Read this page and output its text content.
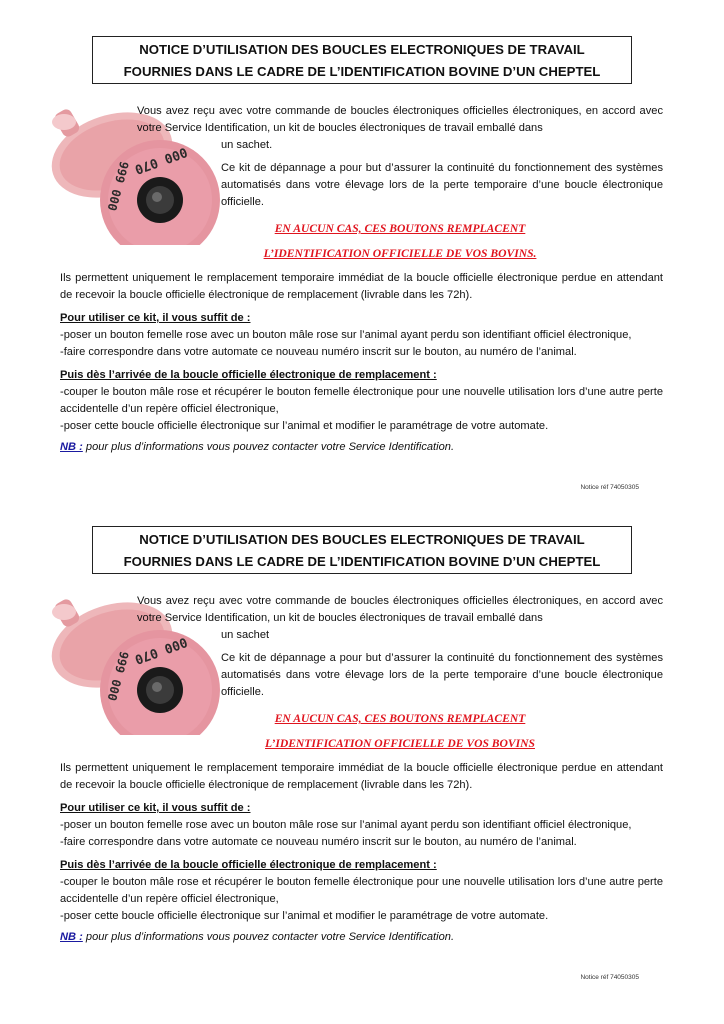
NOTICE D’UTILISATION DES BOUCLES ELECTRONIQUES DE TRAVAIL
FOURNIES DANS LE CADRE DE L’IDENTIFICATION BOVINE D’UN CHEPTEL
000 070
000 666

Vous avez reçu avec votre commande de boucles électroniques officielles électroniques, en accord avec votre Service Identification, un kit de boucles électroniques de travail emballé dans

un sachet.

Ce kit de dépannage a pour but d’assurer la continuité du fonctionnement des systèmes automatisés dans votre élevage lors de la perte temporaire d’une boucle électronique officielle.

EN AUCUN CAS, CES BOUTONS REMPLACENT
L’IDENTIFICATION OFFICIELLE DE VOS BOVINS.

Ils permettent uniquement le remplacement temporaire immédiat de la boucle officielle électronique perdue en attendant de recevoir la boucle officielle électronique de remplacement (livrable dans les 72h).

Pour utiliser ce kit, il vous suffit de :

-poser un bouton femelle rose avec un bouton mâle rose sur l’animal ayant perdu son identifiant officiel électronique,

-faire correspondre dans votre automate ce nouveau numéro inscrit sur le bouton, au numéro de l’animal.

Puis dès l’arrivée de la boucle officielle électronique de remplacement :

-couper le bouton mâle rose et récupérer le bouton femelle électronique pour une nouvelle utilisation lors d’une autre perte accidentelle d’un repère officiel électronique,

-poser cette boucle officielle électronique sur l’animal et modifier le paramétrage de votre automate.

NB : pour plus d’informations vous pouvez contacter votre Service Identification.

Notice réf 74050305
NOTICE D’UTILISATION DES BOUCLES ELECTRONIQUES DE TRAVAIL
FOURNIES DANS LE CADRE DE L’IDENTIFICATION BOVINE D’UN CHEPTEL
000 070
000 666

Vous avez reçu avec votre commande de boucles électroniques officielles électroniques, en accord avec votre Service Identification, un kit de boucles électroniques de travail emballé dans

un sachet

Ce kit de dépannage a pour but d’assurer la continuité du fonctionnement des systèmes automatisés dans votre élevage lors de la perte temporaire d’une boucle électronique officielle.

EN AUCUN CAS, CES BOUTONS REMPLACENT
L’IDENTIFICATION OFFICIELLE DE VOS BOVINS

Ils permettent uniquement le remplacement temporaire immédiat de la boucle officielle électronique perdue en attendant de recevoir la boucle officielle électronique de remplacement (livrable dans les 72h).

Pour utiliser ce kit, il vous suffit de :

-poser un bouton femelle rose avec un bouton mâle rose sur l’animal ayant perdu son identifiant officiel électronique,

-faire correspondre dans votre automate ce nouveau numéro inscrit sur le bouton, au numéro de l’animal.

Puis dès l’arrivée de la boucle officielle électronique de remplacement :

-couper le bouton mâle rose et récupérer le bouton femelle électronique pour une nouvelle utilisation lors d’une autre perte accidentelle d’un repère officiel électronique,

-poser cette boucle officielle électronique sur l’animal et modifier le paramétrage de votre automate.

NB : pour plus d’informations vous pouvez contacter votre Service Identification.

Notice réf 74050305
